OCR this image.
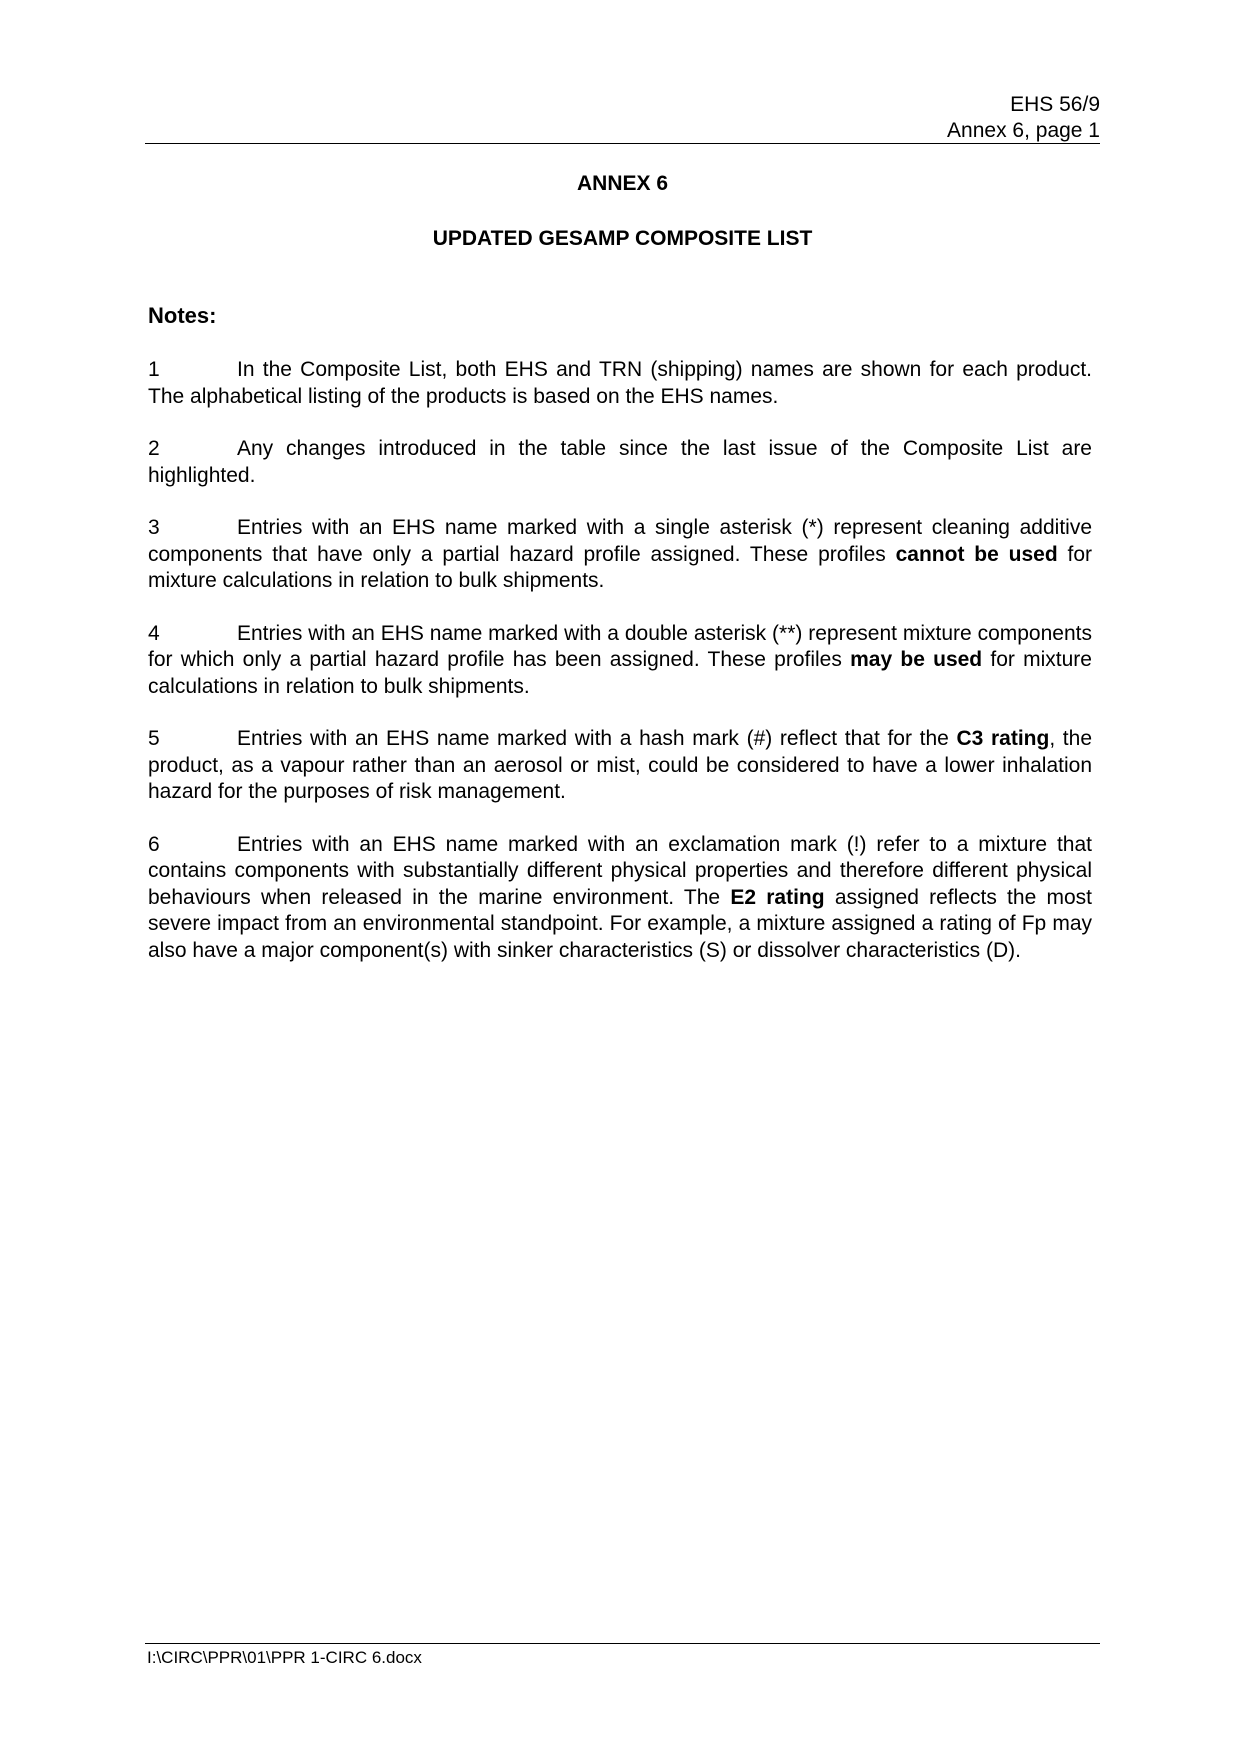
EHS 56/9
Annex 6, page 1
ANNEX 6
UPDATED GESAMP COMPOSITE LIST
Notes:

1	In the Composite List, both EHS and TRN (shipping) names are shown for each product. The alphabetical listing of the products is based on the EHS names.

2	Any changes introduced in the table since the last issue of the Composite List are highlighted.

3	Entries with an EHS name marked with a single asterisk (*) represent cleaning additive components that have only a partial hazard profile assigned. These profiles cannot be used for mixture calculations in relation to bulk shipments.

4	Entries with an EHS name marked with a double asterisk (**) represent mixture components for which only a partial hazard profile has been assigned. These profiles may be used for mixture calculations in relation to bulk shipments.

5	Entries with an EHS name marked with a hash mark (#) reflect that for the C3 rating, the product, as a vapour rather than an aerosol or mist, could be considered to have a lower inhalation hazard for the purposes of risk management.

6	Entries with an EHS name marked with an exclamation mark (!) refer to a mixture that contains components with substantially different physical properties and therefore different physical behaviours when released in the marine environment. The E2 rating assigned reflects the most severe impact from an environmental standpoint. For example, a mixture assigned a rating of Fp may also have a major component(s) with sinker characteristics (S) or dissolver characteristics (D).

I:\CIRC\PPR\01\PPR 1-CIRC 6.docx
